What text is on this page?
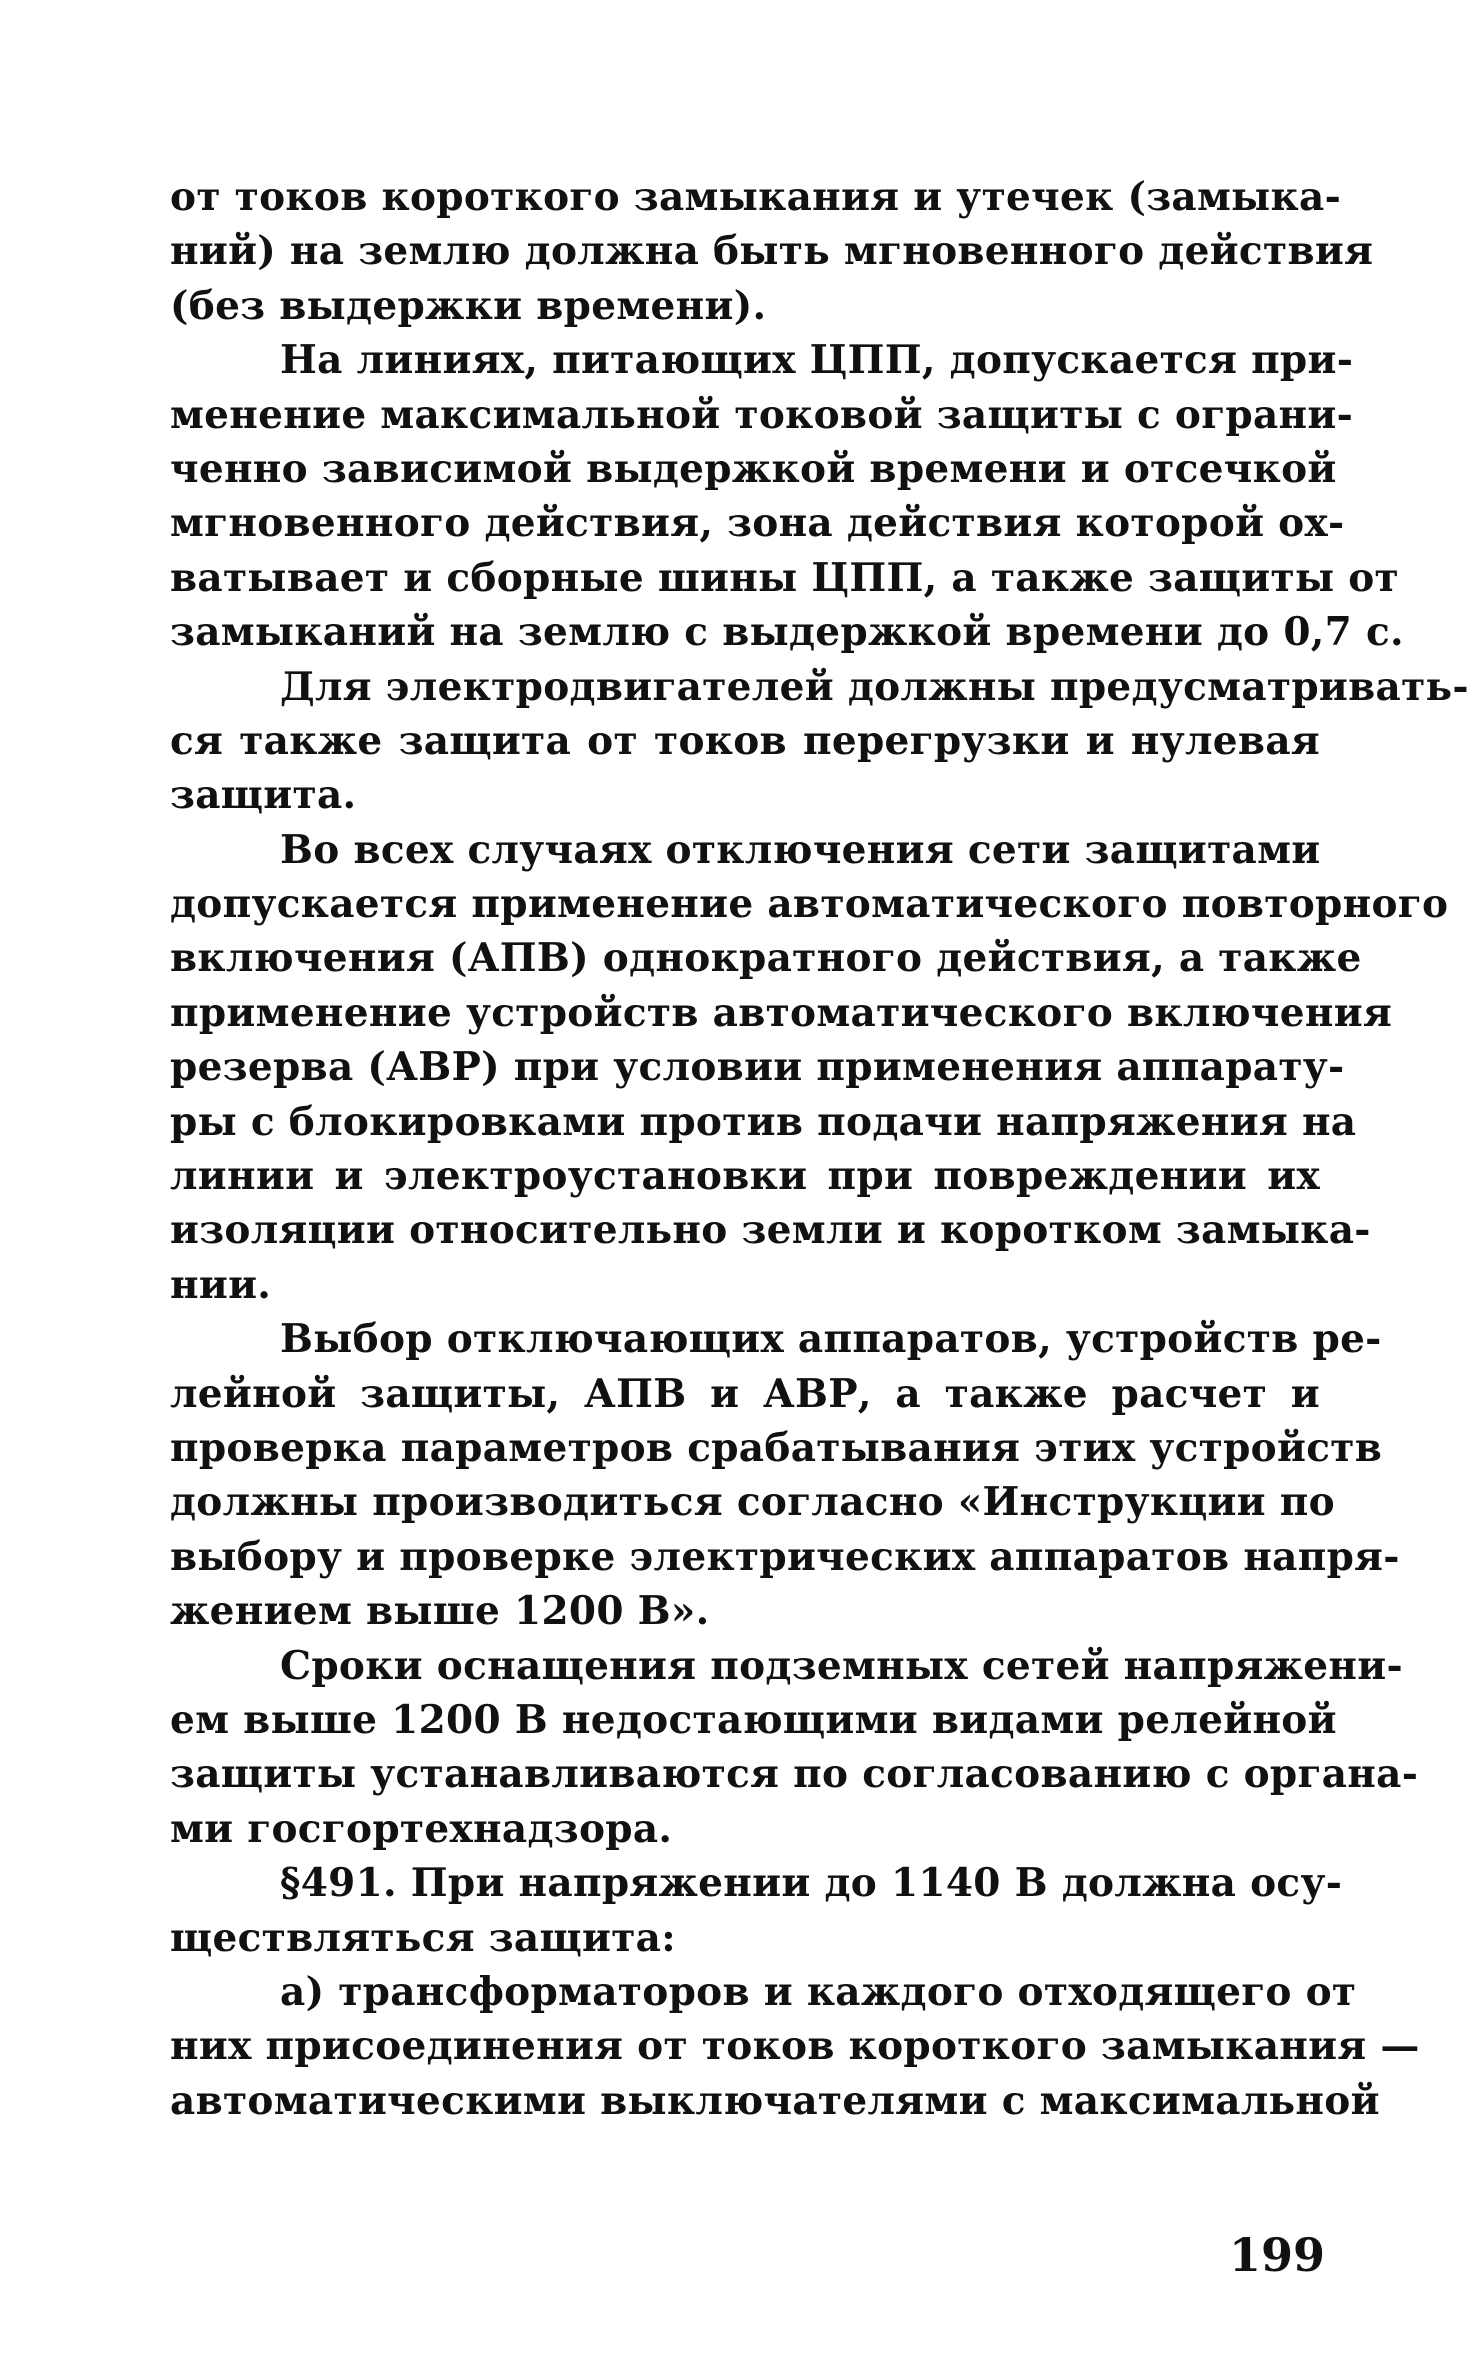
от токов короткого замыкания и утечек (замыка-
ний) на землю должна быть мгновенного действия
(без выдержки времени).
На линиях, питающих ЦПП, допускается при-
менение максимальной токовой защиты с ограни-
ченно зависимой выдержкой времени и отсечкой
мгновенного действия, зона действия которой ох-
ватывает и сборные шины ЦПП, а также защиты от
замыканий на землю с выдержкой времени до 0,7 с.
Для электродвигателей должны предусматривать-
ся также защита от токов перегрузки и нулевая
защита.
Во всех случаях отключения сети защитами
допускается применение автоматического повторного
включения (АПВ) однократного действия, а также
применение устройств автоматического включения
резерва (АВР) при условии применения аппарату-
ры с блокировками против подачи напряжения на
линии и электроустановки при повреждении их
изоляции относительно земли и коротком замыка-
нии.
Выбор отключающих аппаратов, устройств ре-
лейной защиты, АПВ и АВР, а также расчет и
проверка параметров срабатывания этих устройств
должны производиться согласно «Инструкции по
выбору и проверке электрических аппаратов напря-
жением выше 1200 В».
Сроки оснащения подземных сетей напряжени-
ем выше 1200 В недостающими видами релейной
защиты устанавливаются по согласованию с органа-
ми госгортехнадзора.
§491. При напряжении до 1140 В должна осу-
ществляться защита:
а) трансформаторов и каждого отходящего от
них присоединения от токов короткого замыкания —
автоматическими выключателями с максимальной
199
